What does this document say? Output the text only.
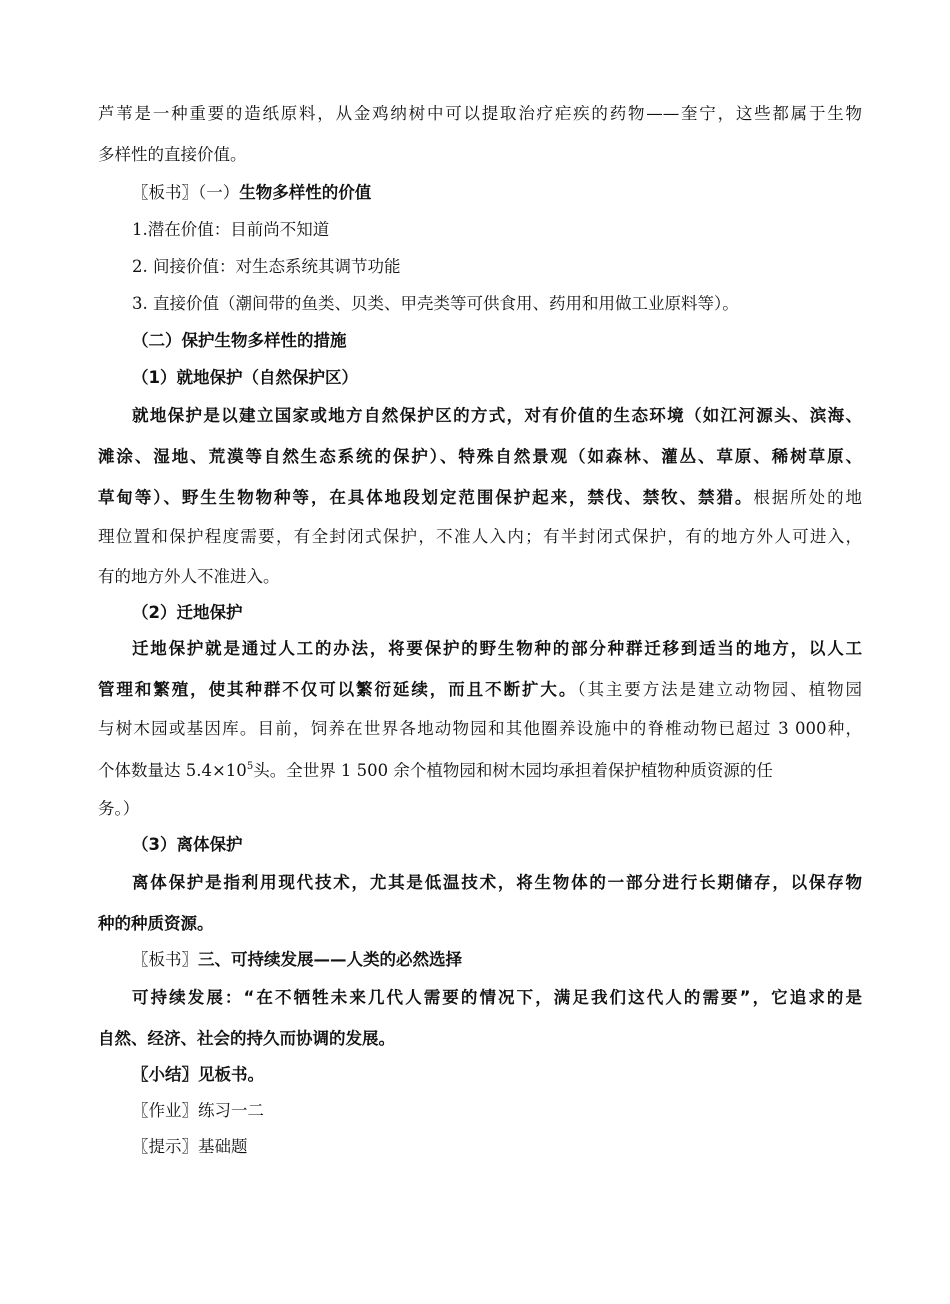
芦苇是一种重要的造纸原料，从金鸡纳树中可以提取治疗疟疾的药物——奎宁，这些都属于生物
多样性的直接价值。
〖板书〗（一）生物多样性的价值
1.潜在价值：目前尚不知道
2. 间接价值：对生态系统其调节功能
3. 直接价值（潮间带的鱼类、贝类、甲壳类等可供食用、药用和用做工业原料等）。
（二）保护生物多样性的措施
（1）就地保护（自然保护区）
就地保护是以建立国家或地方自然保护区的方式，对有价值的生态环境（如江河源头、滨海、
滩涂、湿地、荒漠等自然生态系统的保护）、特殊自然景观（如森林、灌丛、草原、稀树草原、
草甸等）、野生生物物种等，在具体地段划定范围保护起来，禁伐、禁牧、禁猎。根据所处的地
理位置和保护程度需要，有全封闭式保护，不准人入内；有半封闭式保护，有的地方外人可进入，
有的地方外人不准进入。
（2）迁地保护
迁地保护就是通过人工的办法，将要保护的野生物种的部分种群迁移到适当的地方，以人工
管理和繁殖，使其种群不仅可以繁衍延续，而且不断扩大。（其主要方法是建立动物园、植物园
与树木园或基因库。目前，饲养在世界各地动物园和其他圈养设施中的脊椎动物已超过 3 000种，
个体数量达 $5.4\times 10^5$头。全世界 1 500 余个植物园和树木园均承担着保护植物种质资源的任
务。）
（3）离体保护
离体保护是指利用现代技术，尤其是低温技术，将生物体的一部分进行长期储存，以保存物
种的种质资源。
〖板书〗三、可持续发展——人类的必然选择
可持续发展：“在不牺牲未来几代人需要的情况下，满足我们这代人的需要”，它追求的是
自然、经济、社会的持久而协调的发展。
〖小结〗见板书。
〖作业〗练习一二
〖提示〗基础题
